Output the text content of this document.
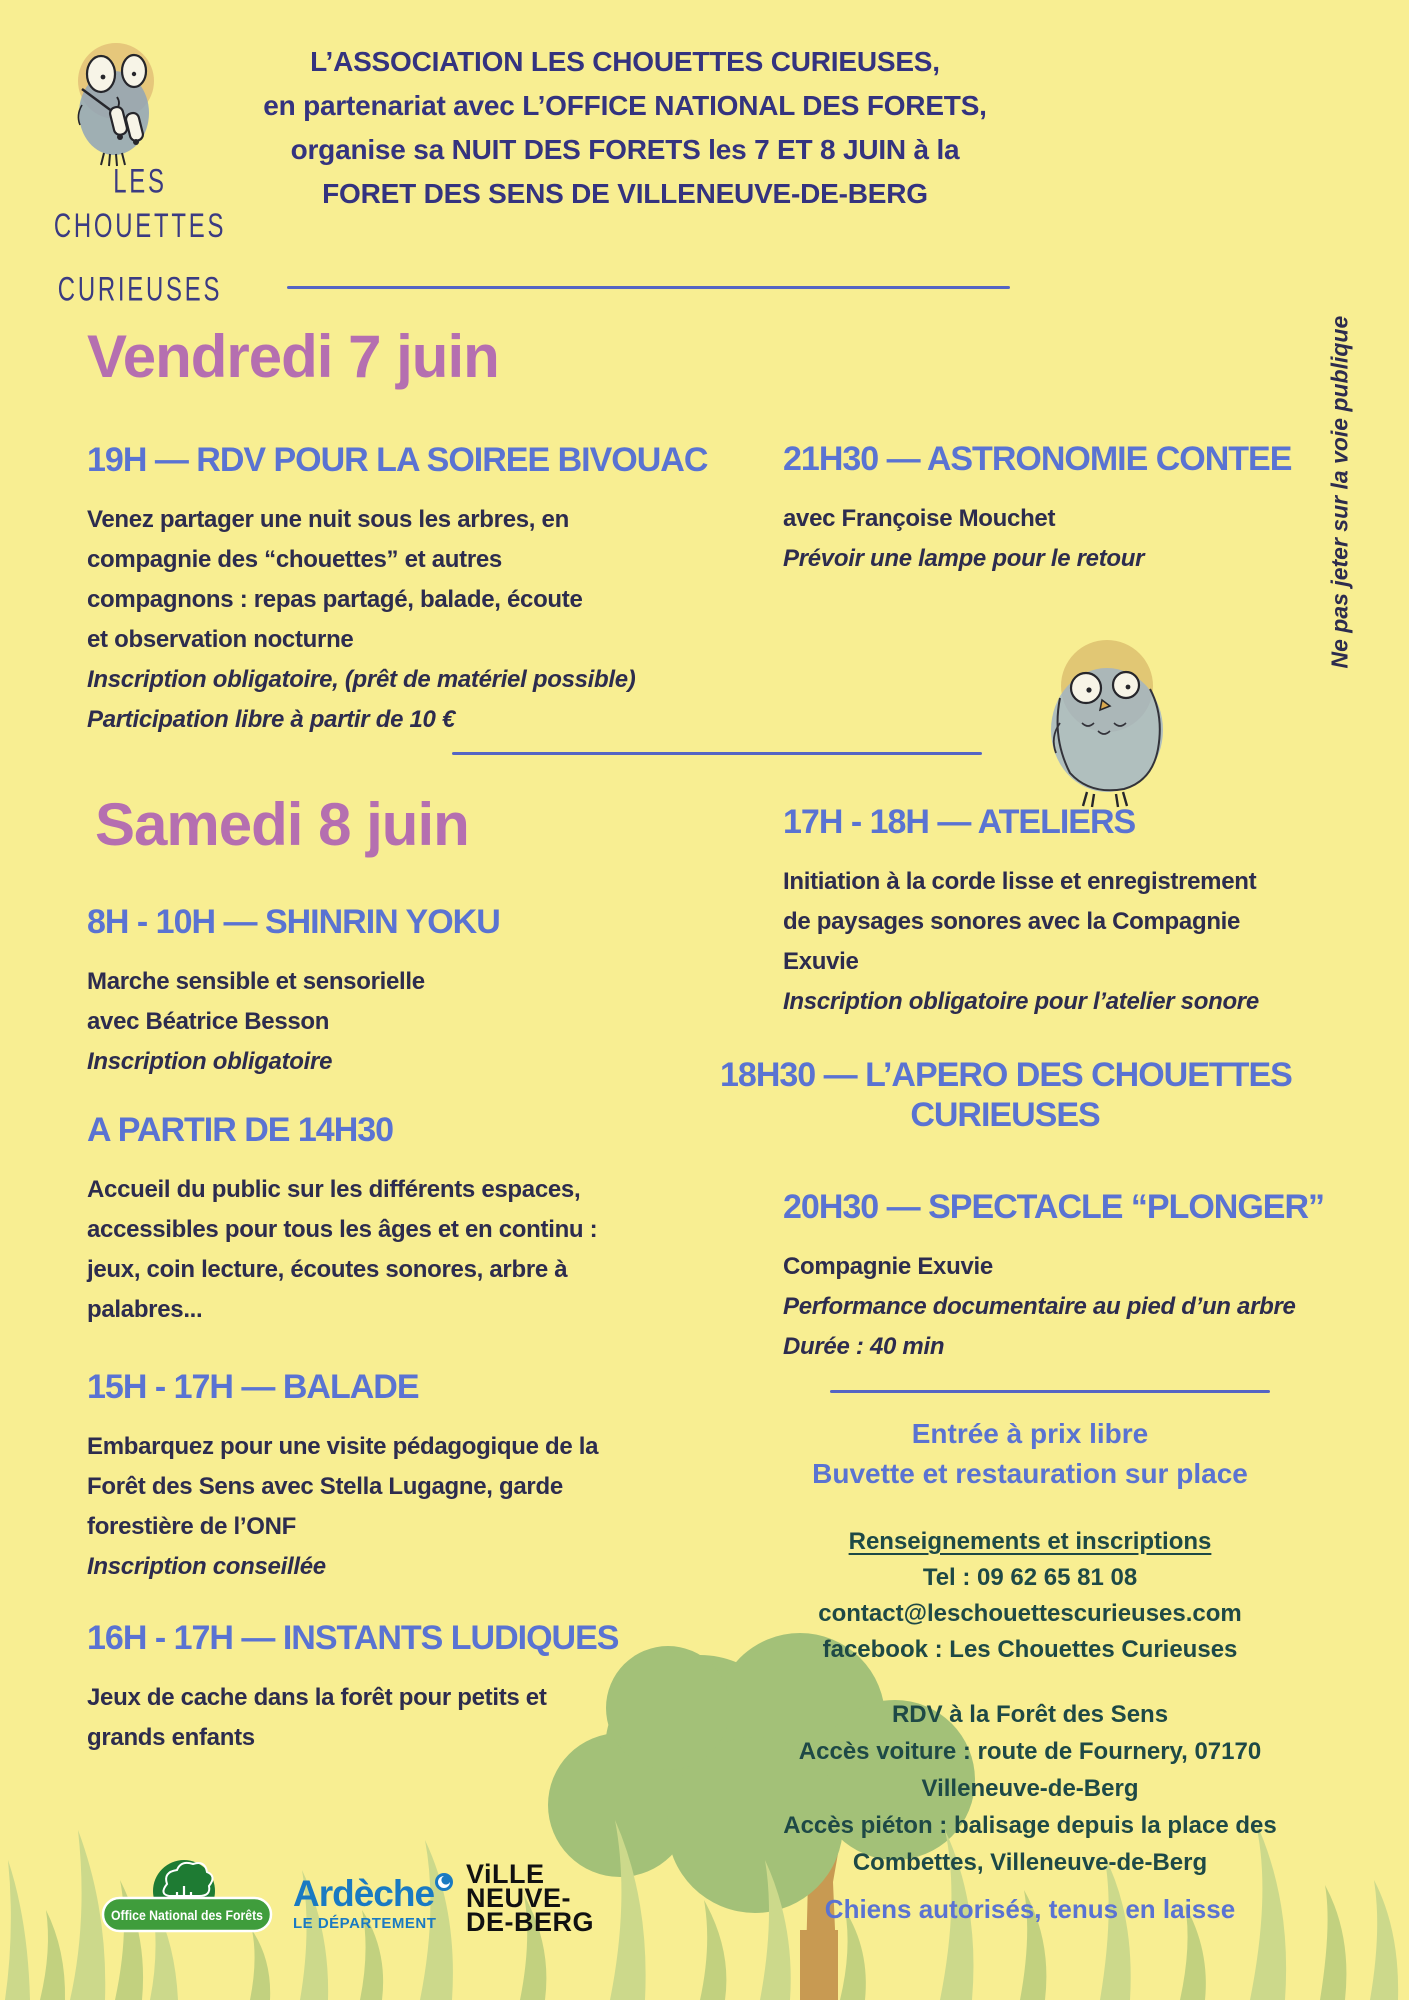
LES CHOUETTES
CURIEUSES
L’ASSOCIATION LES CHOUETTES CURIEUSES,
en partenariat avec L’OFFICE NATIONAL DES FORETS,
organise sa NUIT DES FORETS les 7 ET 8 JUIN à la
FORET DES SENS DE VILLENEUVE-DE-BERG
Vendredi 7 juin
19H — RDV POUR LA SOIREE BIVOUAC
Venez partager une nuit sous les arbres, en compagnie des “chouettes” et autres compagnons : repas partagé, balade, écoute et observation nocturne
Inscription obligatoire, (prêt de matériel possible)
Participation libre à partir de 10 €
21H30 — ASTRONOMIE CONTEE
avec Françoise Mouchet
Prévoir une lampe pour le retour	Ne pas jeter sur la voie publique
Samedi 8 juin
8H - 10H — SHINRIN YOKU
Marche sensible et sensorielle
avec Béatrice Besson
Inscription obligatoire
A PARTIR DE 14H30
Accueil du public sur les différents espaces, accessibles pour tous les âges et en continu : jeux, coin lecture, écoutes sonores, arbre à palabres...
15H - 17H — BALADE
Embarquez pour une visite pédagogique de la Forêt des Sens avec Stella Lugagne, garde forestière de l’ONF
Inscription conseillée
16H - 17H — INSTANTS LUDIQUES
Jeux de cache dans la forêt pour petits et grands enfants
17H - 18H — ATELIERS
Initiation à la corde lisse et enregistrement de paysages sonores avec la Compagnie Exuvie
Inscription obligatoire pour l’atelier sonore
18H30 — L’APERO DES CHOUETTES
CURIEUSES
20H30 — SPECTACLE “PLONGER”
Compagnie Exuvie
Performance documentaire au pied d’un arbre
Durée : 40 min
Entrée à prix libre
Buvette et restauration sur place
Renseignements et inscriptions
Tel : 09 62 65 81 08
contact@leschouettescurieuses.com
facebook : Les Chouettes Curieuses
RDV à la Forêt des Sens
Accès voiture : route de Fournery, 07170 Villeneuve-de-Berg
Accès piéton : balisage depuis la place des Combettes, Villeneuve-de-Berg
Chiens autorisés, tenus en laisse
Office National des Forêts
Ardèche
LE DÉPARTEMENT
ViLLE
NEUVE-
DE-BERG
